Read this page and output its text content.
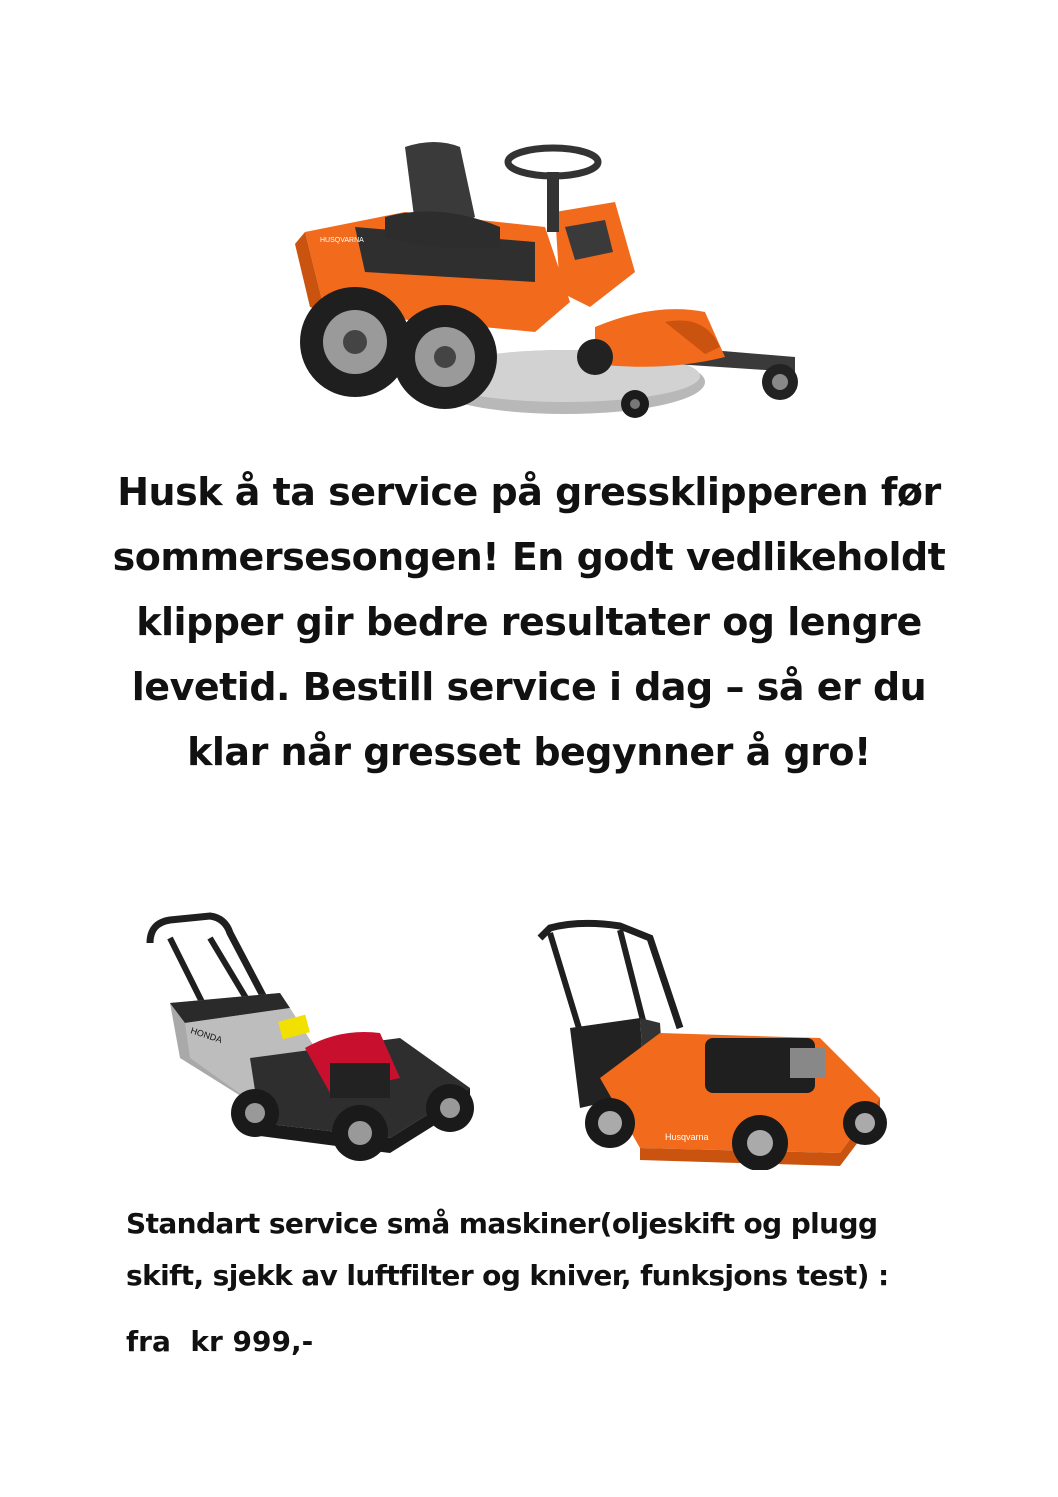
HUSQVARNA
Husk å ta service på gressklipperen før sommersesongen! En godt vedlikeholdt klipper gir bedre resultater og lengre levetid. Bestill service i dag – så er du klar når gresset begynner å gro!
HONDA
Husqvarna

Standart service små maskiner(oljeskift og plugg skift, sjekk av luftfilter og kniver, funksjons test) :

fra  kr 999,-
